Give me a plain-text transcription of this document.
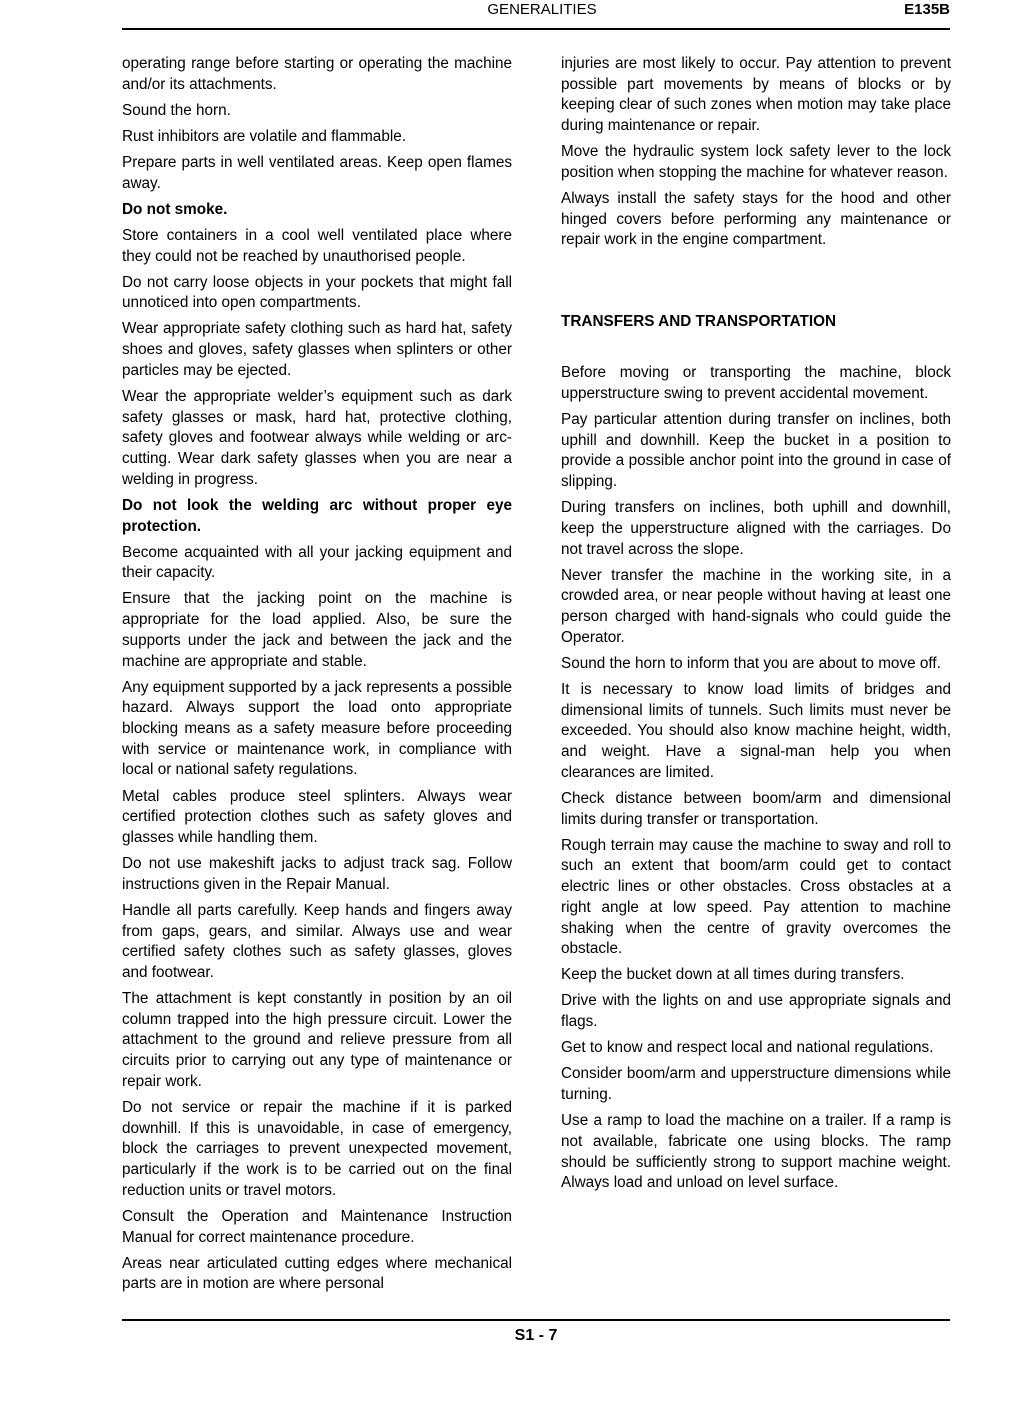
GENERALITIES	E135B

operating range before starting or operating the machine and/or its attachments.

Sound the horn.

Rust inhibitors are volatile and flammable.

Prepare parts in well ventilated areas. Keep open flames away.

Do not smoke.

Store containers in a cool well ventilated place where they could not be reached by unauthorised people.

Do not carry loose objects in your pockets that might fall unnoticed into open compartments.

Wear appropriate safety clothing such as hard hat, safety shoes and gloves, safety glasses when splinters or other particles may be ejected.

Wear the appropriate welder’s equipment such as dark safety glasses or mask, hard hat, protective clothing, safety gloves and footwear always while welding or arc-cutting. Wear dark safety glasses when you are near a welding in progress.

Do not look the welding arc without proper eye protection.

Become acquainted with all your jacking equipment and their capacity.

Ensure that the jacking point on the machine is appropriate for the load applied. Also, be sure the supports under the jack and between the jack and the machine are appropriate and stable.

Any equipment supported by a jack represents a possible hazard. Always support the load onto appropriate blocking means as a safety measure before proceeding with service or maintenance work, in compliance with local or national safety regulations.

Metal cables produce steel splinters. Always wear certified protection clothes such as safety gloves and glasses while handling them.

Do not use makeshift jacks to adjust track sag. Follow instructions given in the Repair Manual.

Handle all parts carefully. Keep hands and fingers away from gaps, gears, and similar. Always use and wear certified safety clothes such as safety glasses, gloves and footwear.

The attachment is kept constantly in position by an oil column trapped into the high pressure circuit. Lower the attachment to the ground and relieve pressure from all circuits prior to carrying out any type of maintenance or repair work.

Do not service or repair the machine if it is parked downhill. If this is unavoidable, in case of emergency, block the carriages to prevent unexpected movement, particularly if the work is to be carried out on the final reduction units or travel motors.

Consult the Operation and Maintenance Instruction Manual for correct maintenance procedure.

Areas near articulated cutting edges where mechanical parts are in motion are where personal

injuries are most likely to occur. Pay attention to prevent possible part movements by means of blocks or by keeping clear of such zones when motion may take place during maintenance or repair.

Move the hydraulic system lock safety lever to the lock position when stopping the machine for whatever reason.

Always install the safety stays for the hood and other hinged covers before performing any maintenance or repair work in the engine compartment.

TRANSFERS AND TRANSPORTATION

Before moving or transporting the machine, block upperstructure swing to prevent accidental movement.

Pay particular attention during transfer on inclines, both uphill and downhill. Keep the bucket in a position to provide a possible anchor point into the ground in case of slipping.

During transfers on inclines, both uphill and downhill, keep the upperstructure aligned with the carriages. Do not travel across the slope.

Never transfer the machine in the working site, in a crowded area, or near people without having at least one person charged with hand-signals who could guide the Operator.

Sound the horn to inform that you are about to move off.

It is necessary to know load limits of bridges and dimensional limits of tunnels. Such limits must never be exceeded. You should also know machine height, width, and weight. Have a signal-man help you when clearances are limited.

Check distance between boom/arm and dimensional limits during transfer or transportation.

Rough terrain may cause the machine to sway and roll to such an extent that boom/arm could get to contact electric lines or other obstacles. Cross obstacles at a right angle at low speed. Pay attention to machine shaking when the centre of gravity overcomes the obstacle.

Keep the bucket down at all times during transfers.

Drive with the lights on and use appropriate signals and flags.

Get to know and respect local and national regulations.

Consider boom/arm and upperstructure dimensions while turning.

Use a ramp to load the machine on a trailer. If a ramp is not available, fabricate one using blocks. The ramp should be sufficiently strong to support machine weight. Always load and unload on level surface.

S1 - 7
